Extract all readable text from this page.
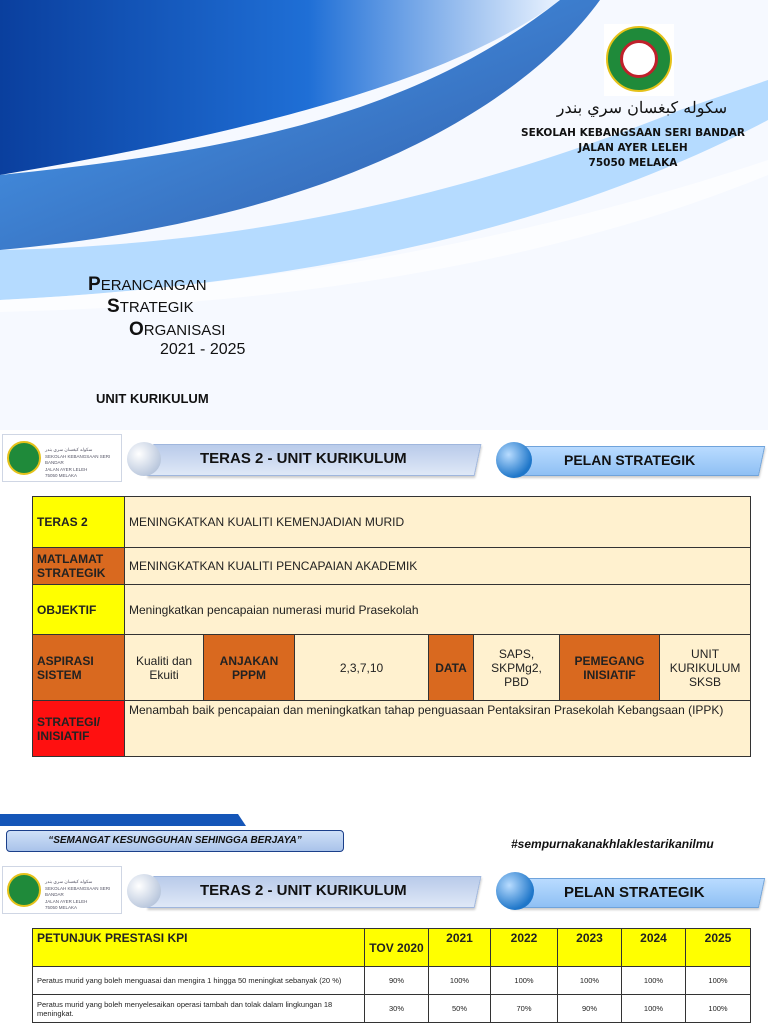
سكوله كبغسان سري بندر
SEKOLAH KEBANGSAAN SERI BANDAR
JALAN AYER LELEH
75050 MELAKA
PERANCANGAN
STRATEGIK
ORGANISASI
2021 - 2025
UNIT KURIKULUM
سكوله كبغسان سري بندر
SEKOLAH KEBANGSAAN SERI BANDAR
JALAN AYER LELEH
75050 MELAKA
TERAS 2 - UNIT KURIKULUM	PELAN STRATEGIK
TERAS 2	MENINGKATKAN KUALITI KEMENJADIAN MURID						
MATLAMAT STRATEGIK	MENINGKATKAN KUALITI PENCAPAIAN AKADEMIK						
OBJEKTIF	Meningkatkan pencapaian numerasi murid Prasekolah						
ASPIRASI SISTEM	Kualiti dan Ekuiti	ANJAKAN PPPM	2,3,7,10	DATA	SAPS, SKPMg2, PBD	PEMEGANG INISIATIF	UNIT KURIKULUM SKSB
STRATEGI/ INISIATIF	Menambah baik pencapaian dan meningkatkan tahap penguasaan Pentaksiran Prasekolah Kebangsaan (IPPK)						
“SEMANGAT KESUNGGUHAN SEHINGGA BERJAYA”	#sempurnakanakhlaklestarikanilmu
سكوله كبغسان سري بندر
SEKOLAH KEBANGSAAN SERI BANDAR
JALAN AYER LELEH
75050 MELAKA
TERAS 2 - UNIT KURIKULUM	PELAN STRATEGIK
PETUNJUK PRESTASI KPI	TOV 2020	2021	2022	2023	2024	2025
Peratus murid yang boleh menguasai dan mengira 1 hingga 50 meningkat sebanyak (20 %)	90%	100%	100%	100%	100%	100%
Peratus murid yang boleh menyelesaikan operasi tambah dan tolak dalam lingkungan 18 meningkat.	30%	50%	70%	90%	100%	100%
